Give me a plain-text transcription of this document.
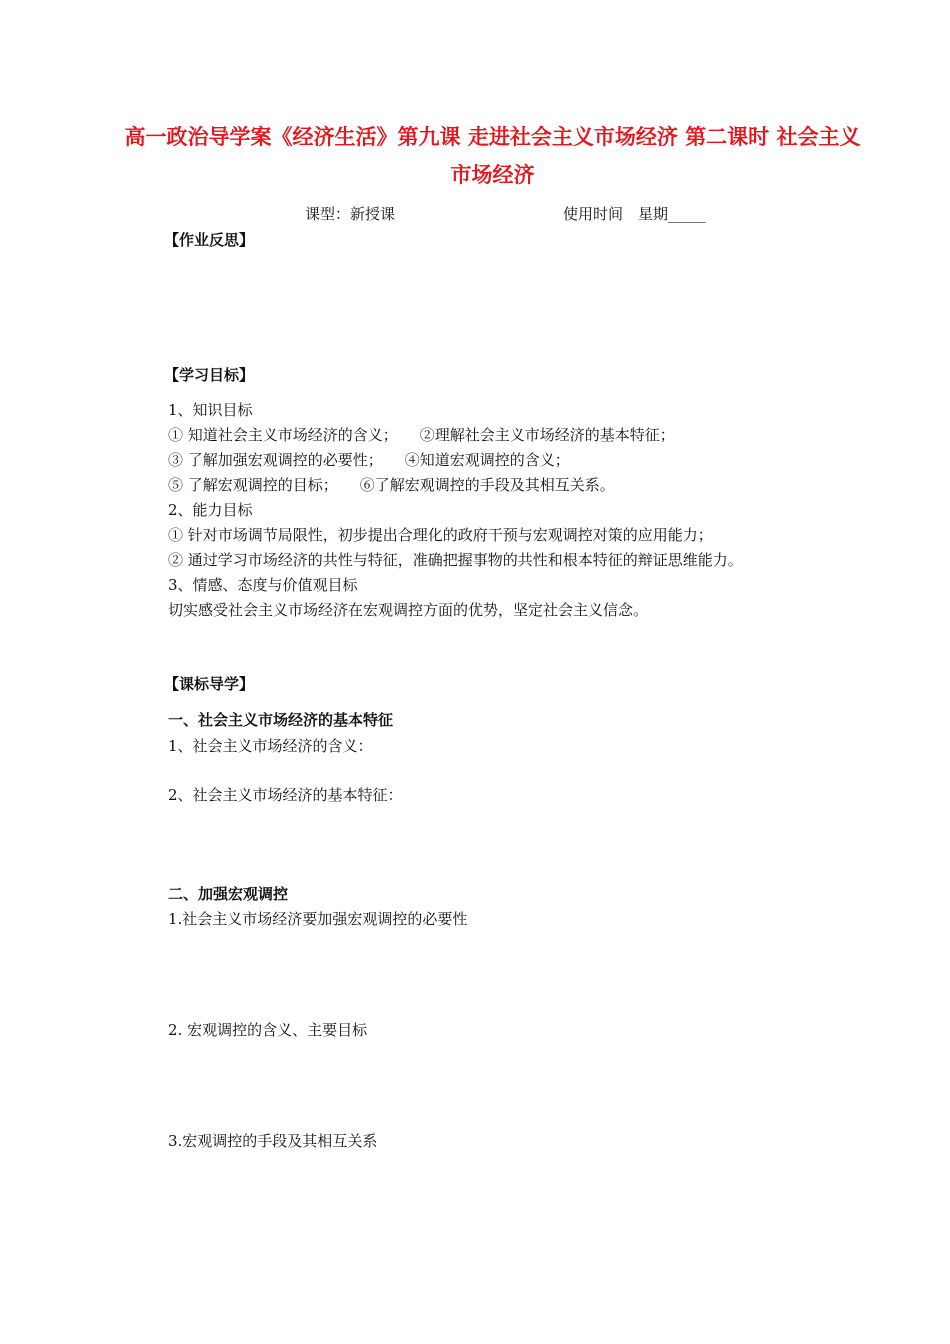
高一政治导学案《经济生活》第九课 走进社会主义市场经济 第二课时 社会主义市场经济
课型：新授课	使用时间　星期_____
【作业反思】
【学习目标】
1、知识目标
① 知道社会主义市场经济的含义； ②理解社会主义市场经济的基本特征；
③ 了解加强宏观调控的必要性； ④知道宏观调控的含义；
⑤ 了解宏观调控的目标； ⑥了解宏观调控的手段及其相互关系。
2、能力目标
① 针对市场调节局限性，初步提出合理化的政府干预与宏观调控对策的应用能力；
② 通过学习市场经济的共性与特征，准确把握事物的共性和根本特征的辩证思维能力。
3、情感、态度与价值观目标
切实感受社会主义市场经济在宏观调控方面的优势，坚定社会主义信念。
【课标导学】
一、社会主义市场经济的基本特征
1、社会主义市场经济的含义：
2、社会主义市场经济的基本特征：
二、加强宏观调控
1.社会主义市场经济要加强宏观调控的必要性
2. 宏观调控的含义、主要目标
3.宏观调控的手段及其相互关系
